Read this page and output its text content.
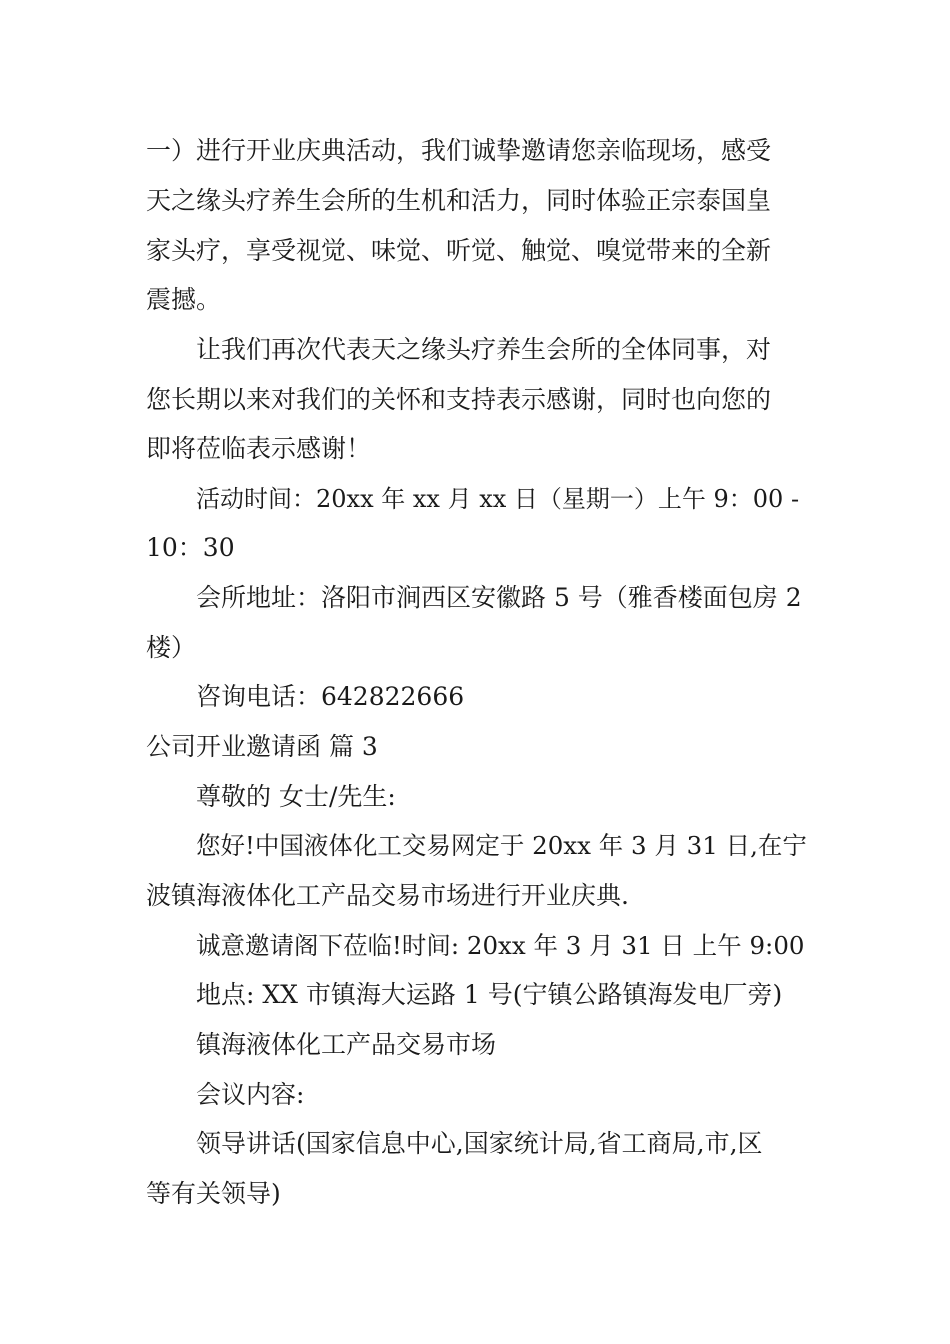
一）进行开业庆典活动，我们诚挚邀请您亲临现场，感受
天之缘头疗养生会所的生机和活力，同时体验正宗泰国皇
家头疗，享受视觉、味觉、听觉、触觉、嗅觉带来的全新
震撼。
让我们再次代表天之缘头疗养生会所的全体同事，对
您长期以来对我们的关怀和支持表示感谢，同时也向您的
即将莅临表示感谢！
活动时间：20xx 年 xx 月 xx 日（星期一）上午 9：00 -
10：30
会所地址：洛阳市涧西区安徽路 5 号（雅香楼面包房 2
楼）
咨询电话：642822666
公司开业邀请函 篇 3
尊敬的 女士/先生:
您好!中国液体化工交易网定于 20xx 年 3 月 31 日,在宁
波镇海液体化工产品交易市场进行开业庆典.
诚意邀请阁下莅临!时间: 20xx 年 3 月 31 日 上午 9:00
地点: XX 市镇海大运路 1 号(宁镇公路镇海发电厂旁)
镇海液体化工产品交易市场
会议内容:
领导讲话(国家信息中心,国家统计局,省工商局,市,区
等有关领导)
